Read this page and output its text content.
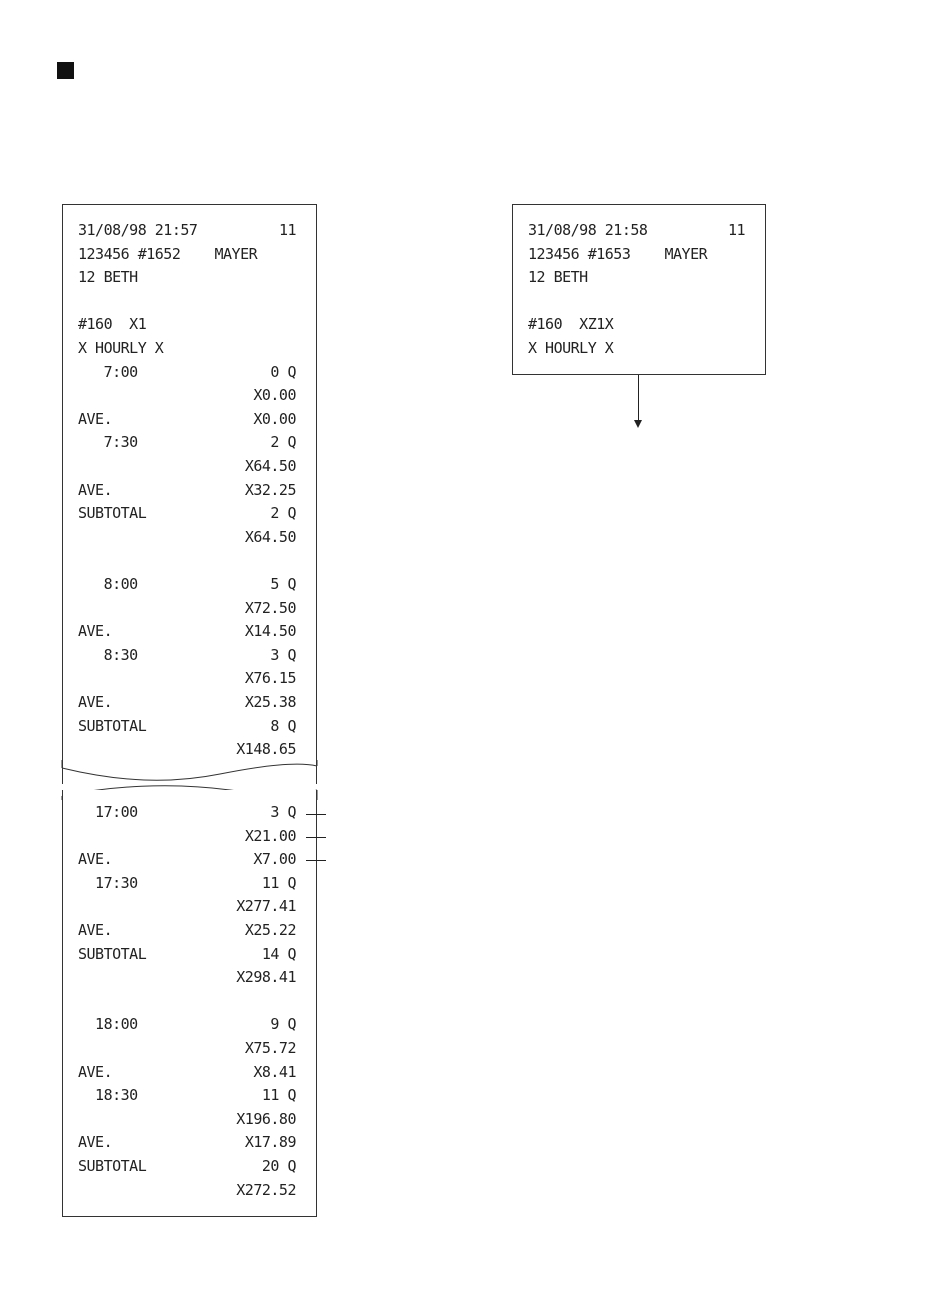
31/08/98 21:57	11
123456 #1652    MAYER
12 BETH
#160  X1
X HOURLY X
7:00	0 Q
X0.00
AVE.	X0.00
7:30	2 Q
X64.50
AVE.	X32.25
SUBTOTAL	2 Q
X64.50
8:00	5 Q
X72.50
AVE.	X14.50
8:30	3 Q
X76.15
AVE.	X25.38
SUBTOTAL	8 Q
X148.65
17:00	3 Q
X21.00
AVE.	X7.00
17:30	11 Q
X277.41
AVE.	X25.22
SUBTOTAL	14 Q
X298.41
18:00	9 Q
X75.72
AVE.	X8.41
18:30	11 Q
X196.80
AVE.	X17.89
SUBTOTAL	20 Q
X272.52
31/08/98 21:58	11
123456 #1653    MAYER
12 BETH
#160  XZ1X
X HOURLY X
